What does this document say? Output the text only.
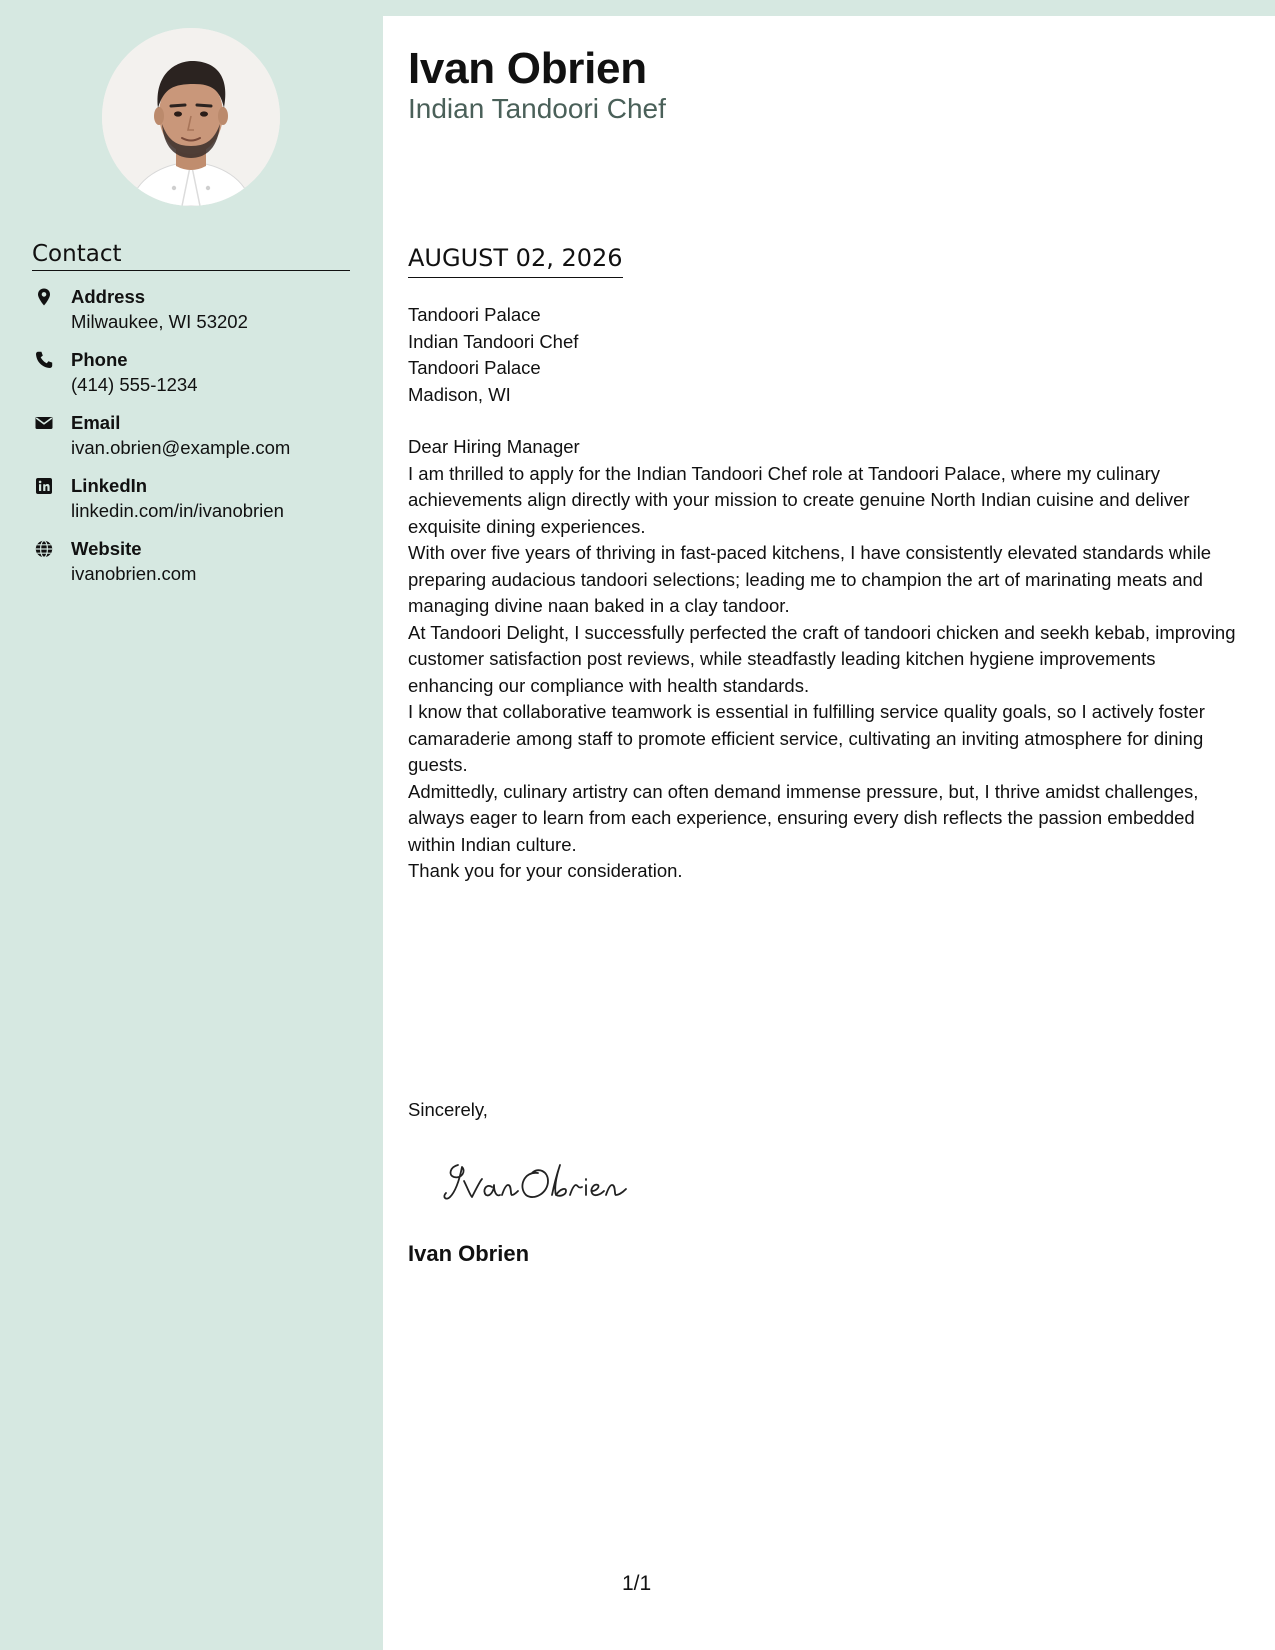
Contact
Address
Milwaukee, WI 53202
Phone
(414) 555-1234
Email
ivan.obrien@example.com
LinkedIn
linkedin.com/in/ivanobrien
Website
ivanobrien.com
Ivan Obrien
Indian Tandoori Chef
AUGUST 02, 2026

Tandoori Palace

Indian Tandoori Chef

Tandoori Palace

Madison, WI

Dear Hiring Manager

I am thrilled to apply for the Indian Tandoori Chef role at Tandoori Palace, where my culinary achievements align directly with your mission to create genuine North Indian cuisine and deliver exquisite dining experiences.

With over five years of thriving in fast-paced kitchens, I have consistently elevated standards while preparing audacious tandoori selections; leading me to champion the art of marinating meats and managing divine naan baked in a clay tandoor.

At Tandoori Delight, I successfully perfected the craft of tandoori chicken and seekh kebab, improving customer satisfaction post reviews, while steadfastly leading kitchen hygiene improvements enhancing our compliance with health standards.

I know that collaborative teamwork is essential in fulfilling service quality goals, so I actively foster camaraderie among staff to promote efficient service, cultivating an inviting atmosphere for dining guests.

Admittedly, culinary artistry can often demand immense pressure, but, I thrive amidst challenges, always eager to learn from each experience, ensuring every dish reflects the passion embedded within Indian culture.

Thank you for your consideration.

Sincerely,
Ivan Obrien
1/1
